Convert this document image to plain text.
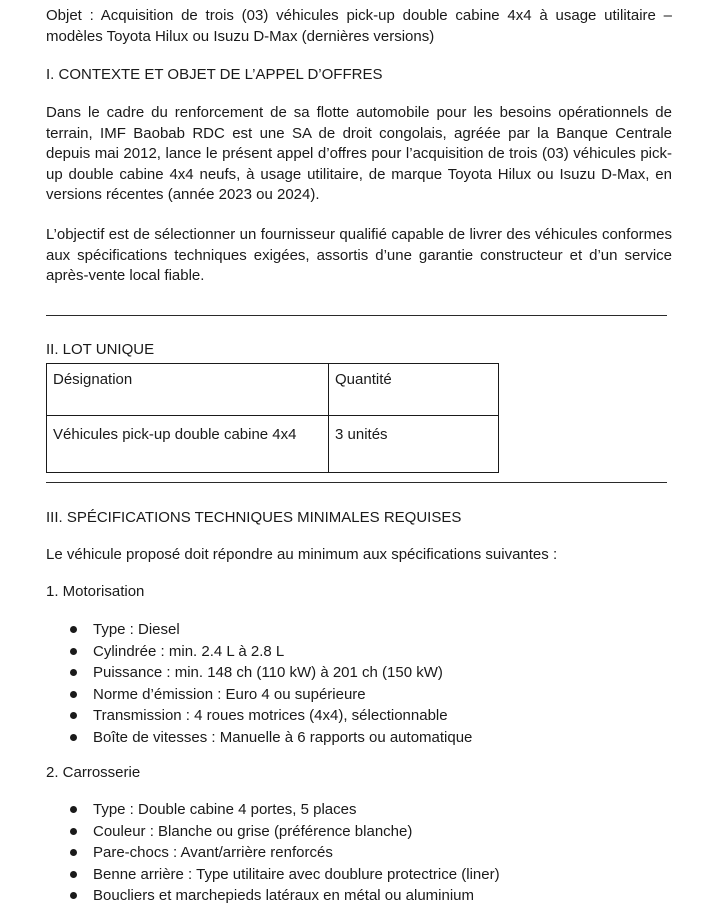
Objet : Acquisition de trois (03) véhicules pick-up double cabine 4x4 à usage utilitaire – modèles Toyota Hilux ou Isuzu D-Max (dernières versions)
I. CONTEXTE ET OBJET DE L’APPEL D’OFFRES
Dans le cadre du renforcement de sa flotte automobile pour les besoins opérationnels de terrain, IMF Baobab RDC est une SA de droit congolais, agréée par la Banque Centrale depuis mai 2012, lance le présent appel d’offres pour l’acquisition de trois (03) véhicules pick-up double cabine 4x4 neufs, à usage utilitaire, de marque Toyota Hilux ou Isuzu D-Max, en versions récentes (année 2023 ou 2024).
L’objectif est de sélectionner un fournisseur qualifié capable de livrer des véhicules conformes aux spécifications techniques exigées, assortis d’une garantie constructeur et d’un service après-vente local fiable.
II. LOT UNIQUE
Désignation	Quantité
Véhicules pick-up double cabine 4x4	3 unités
III. SPÉCIFICATIONS TECHNIQUES MINIMALES REQUISES
Le véhicule proposé doit répondre au minimum aux spécifications suivantes :
1. Motorisation
Type : Diesel
Cylindrée : min. 2.4 L à 2.8 L
Puissance : min. 148 ch (110 kW) à 201 ch (150 kW)
Norme d’émission : Euro 4 ou supérieure
Transmission : 4 roues motrices (4x4), sélectionnable
Boîte de vitesses : Manuelle à 6 rapports ou automatique
2. Carrosserie
Type : Double cabine 4 portes, 5 places
Couleur : Blanche ou grise (préférence blanche)
Pare-chocs : Avant/arrière renforcés
Benne arrière : Type utilitaire avec doublure protectrice (liner)
Boucliers et marchepieds latéraux en métal ou aluminium
